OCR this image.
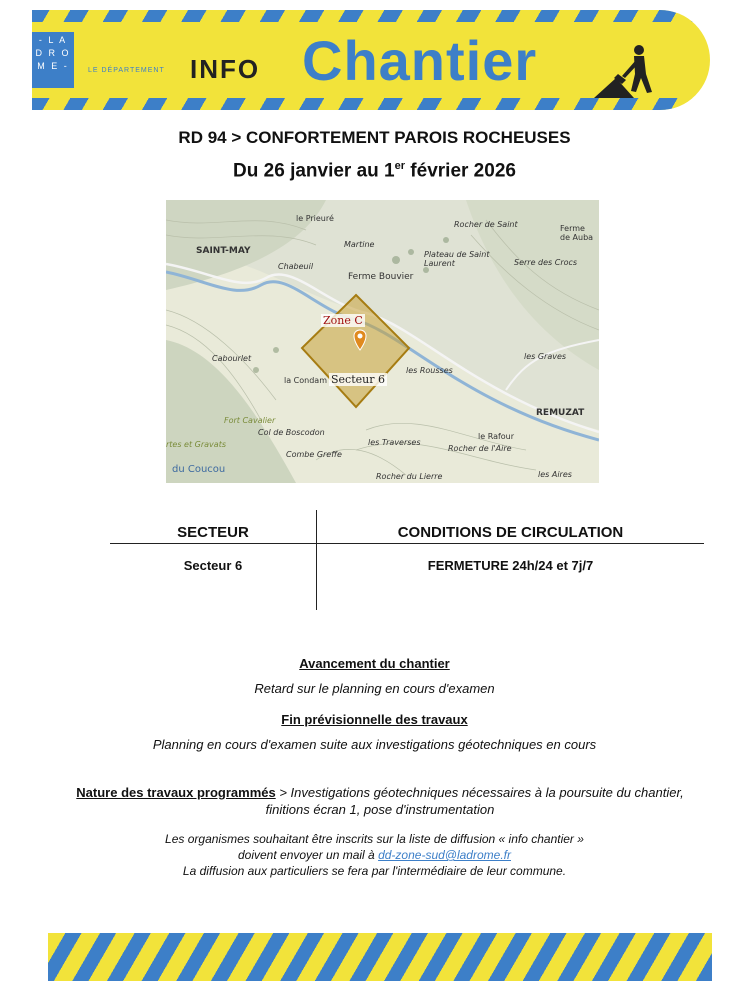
- L A
D R O
M E -	LE DÉPARTEMENT INFO Chantier
RD 94 > CONFORTEMENT PAROIS ROCHEUSES
Du 26 janvier au 1er février 2026
le Prieuré
SAINT-MAY
Martine
Chabeuil
Ferme Bouvier
Plateau de Saint Laurent
Rocher de Saint	Ferme de Auba
Serre des Crocs
Cabourlet
la Condam
les Rousses
les Graves
Fort Cavalier
REMUZAT
le Rafour
Rocher de l'Aire
Combe Greffe
les Traverses
rtes et Gravats
du Coucou
Rocher du Lierre	les Aires
Col de Boscodon
Zone C
Secteur 6
SECTEUR	CONDITIONS DE CIRCULATION
Secteur 6	FERMETURE 24h/24 et 7j/7
Avancement du chantier
Retard sur le planning en cours d'examen
Fin prévisionnelle des travaux
Planning en cours d'examen suite aux investigations géotechniques en cours
Nature des travaux programmés > Investigations géotechniques nécessaires à la poursuite du chantier, finitions écran 1, pose d'instrumentation
Les organismes souhaitant être inscrits sur la liste de diffusion « info chantier »
doivent envoyer un mail à dd-zone-sud@ladrome.fr
La diffusion aux particuliers se fera par l'intermédiaire de leur commune.
